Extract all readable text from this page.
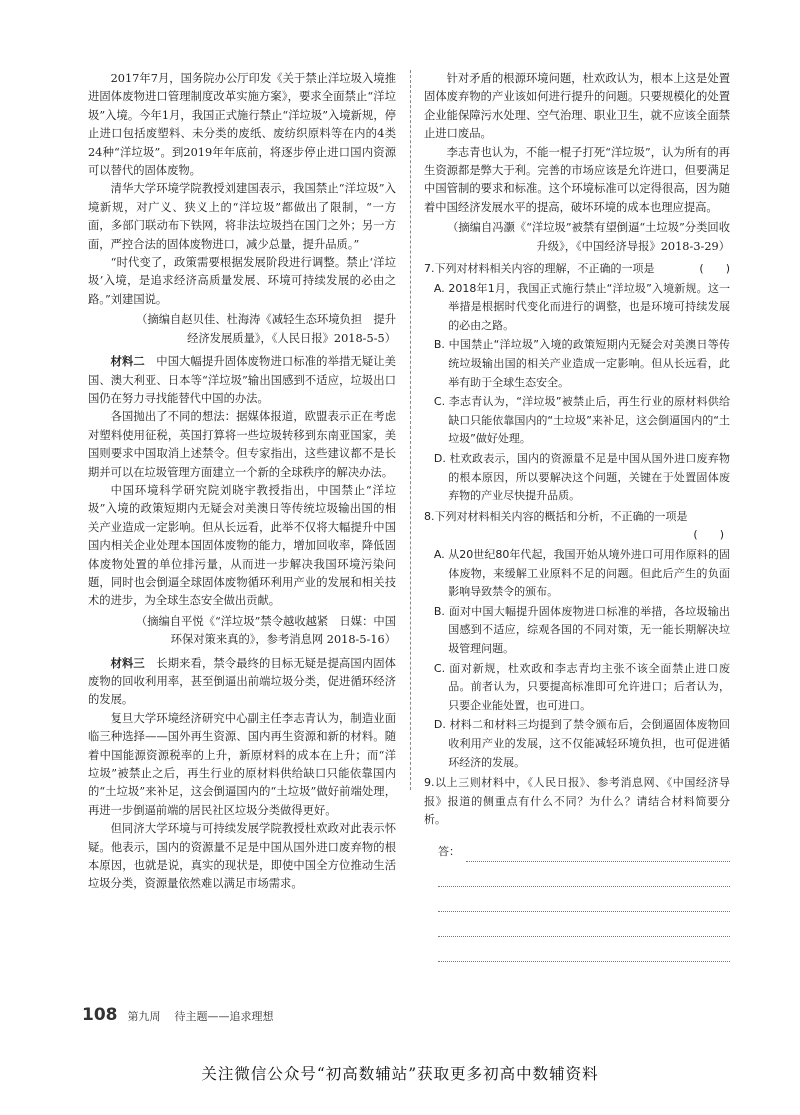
2017年7月，国务院办公厅印发《关于禁止洋垃圾入境推进固体废物进口管理制度改革实施方案》，要求全面禁止“洋垃圾”入境。今年1月，我国正式施行禁止“洋垃圾”入境新规，停止进口包括废塑料、未分类的废纸、废纺织原料等在内的4类24种“洋垃圾”。到2019年年底前，将逐步停止进口国内资源可以替代的固体废物。

清华大学环境学院教授刘建国表示，我国禁止“洋垃圾”入境新规，对广义、狭义上的“洋垃圾”都做出了限制，“一方面，多部门联动布下铁网，将非法垃圾挡在国门之外；另一方面，严控合法的固体废物进口，减少总量，提升品质。”

“时代变了，政策需要根据发展阶段进行调整。禁止‘洋垃圾’入境，是追求经济高质量发展、环境可持续发展的必由之路。”刘建国说。

（摘编自赵贝佳、杜海涛《减轻生态环境负担　提升
经济发展质量》，《人民日报》2018-5-5）

材料二　 中国大幅提升固体废物进口标准的举措无疑让美国、澳大利亚、日本等“洋垃圾”输出国感到不适应，垃圾出口国仍在努力寻找能替代中国的办法。

各国抛出了不同的想法：据媒体报道，欧盟表示正在考虑对塑料使用征税，英国打算将一些垃圾转移到东南亚国家，美国则要求中国取消上述禁令。但专家指出，这些建议都不是长期并可以在垃圾管理方面建立一个新的全球秩序的解决办法。

中国环境科学研究院刘晓宇教授指出，中国禁止“洋垃圾”入境的政策短期内无疑会对美澳日等传统垃圾输出国的相关产业造成一定影响。但从长远看，此举不仅将大幅提升中国国内相关企业处理本国固体废物的能力，增加回收率，降低固体废物处置的单位排污量，从而进一步解决我国环境污染问题，同时也会倒逼全球固体废物循环利用产业的发展和相关技术的进步，为全球生态安全做出贡献。

（摘编自平悦《“洋垃圾”禁令越收越紧　日媒：中国
环保对策来真的》，参考消息网 2018-5-16）

材料三　 长期来看，禁令最终的目标无疑是提高国内固体废物的回收利用率，甚至倒逼出前端垃圾分类，促进循环经济的发展。

复旦大学环境经济研究中心副主任李志青认为，制造业面临三种选择——国外再生资源、国内再生资源和新的材料。随着中国能源资源税率的上升，新原材料的成本在上升；而“洋垃圾”被禁止之后，再生行业的原材料供给缺口只能依靠国内的“土垃圾”来补足，这会倒逼国内的“土垃圾”做好前端处理，再进一步倒逼前端的居民社区垃圾分类做得更好。

但同济大学环境与可持续发展学院教授杜欢政对此表示怀疑。他表示，国内的资源量不足是中国从国外进口废弃物的根本原因，也就是说，真实的现状是，即使中国全方位推动生活垃圾分类，资源量依然难以满足市场需求。

针对矛盾的根源环境问题，杜欢政认为，根本上这是处置固体废弃物的产业该如何进行提升的问题。只要规模化的处置企业能保障污水处理、空气治理、职业卫生，就不应该全面禁止进口废品。

李志青也认为，不能一棍子打死“洋垃圾”，认为所有的再生资源都是弊大于利。完善的市场应该是允许进口，但要满足中国管制的要求和标准。这个环境标准可以定得很高，因为随着中国经济发展水平的提高，破坏环境的成本也理应提高。

（摘编自冯灏《“洋垃圾”被禁有望倒逼“土垃圾”分类回收
升级》，《中国经济导报》2018-3-29）

7.下列对材料相关内容的理解，不正确的一项是	(　　)

A. 2018年1月，我国正式施行禁止“洋垃圾”入境新规。这一举措是根据时代变化而进行的调整，也是环境可持续发展的必由之路。

B. 中国禁止“洋垃圾”入境的政策短期内无疑会对美澳日等传统垃圾输出国的相关产业造成一定影响。但从长远看，此举有助于全球生态安全。

C. 李志青认为，“洋垃圾”被禁止后，再生行业的原材料供给缺口只能依靠国内的“土垃圾”来补足，这会倒逼国内的“土垃圾”做好处理。

D. 杜欢政表示，国内的资源量不足是中国从国外进口废弃物的根本原因，所以要解决这个问题，关键在于处置固体废弃物的产业尽快提升品质。

8.下列对材料相关内容的概括和分析，不正确的一项是

(　　)

A. 从20世纪80年代起，我国开始从境外进口可用作原料的固体废物，来缓解工业原料不足的问题。但此后产生的负面影响导致禁令的颁布。

B. 面对中国大幅提升固体废物进口标准的举措，各垃圾输出国感到不适应，综观各国的不同对策，无一能长期解决垃圾管理问题。

C. 面对新规，杜欢政和李志青均主张不该全面禁止进口废品。前者认为，只要提高标准即可允许进口；后者认为，只要企业能处置，也可进口。

D. 材料二和材料三均提到了禁令颁布后，会倒逼固体废物回收利用产业的发展，这不仅能减轻环境负担，也可促进循环经济的发展。

9.以上三则材料中，《人民日报》、参考消息网、《中国经济导报》报道的侧重点有什么不同？为什么？请结合材料简要分析。

答：
108 第九周 待主题——追求理想
关注微信公众号“初高数辅站”获取更多初高中数辅资料
